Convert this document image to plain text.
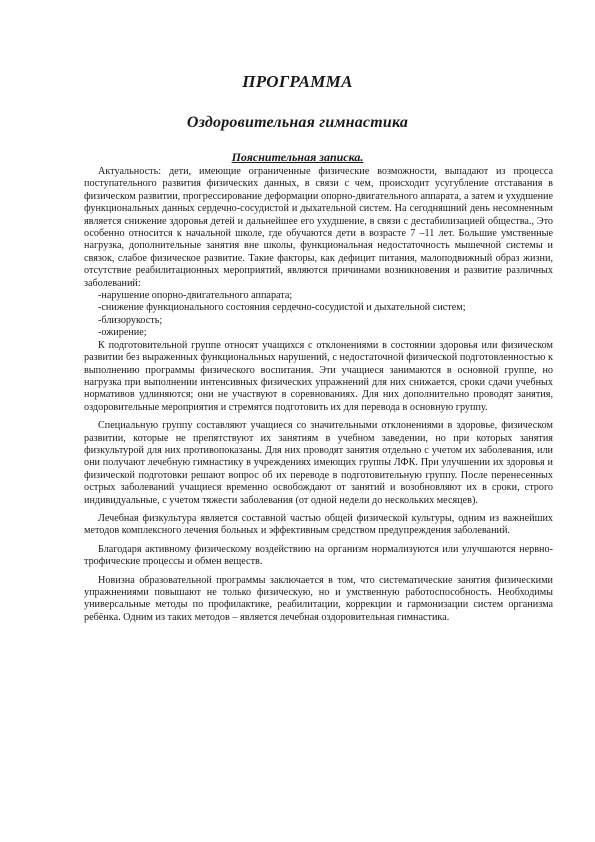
ПРОГРАММА
Оздоровительная гимнастика
Пояснительная записка.

Актуальность: дети, имеющие ограниченные физические возможности, выпадают из процесса поступательного развития физических данных, в связи с чем, происходит усугубление отставания в физическом развитии, прогрессирование деформации опорно-двигательного аппарата, а затем и ухудшение функциональных данных сердечно-сосудистой и дыхательной систем. На сегодняшний день несомненным является снижение здоровья детей и дальнейшее его ухудшение, в связи с дестабилизацией общества., Это особенно относится к начальной школе, где обучаются дети в возрасте 7 –11 лет. Большие умственные нагрузка, дополнительные занятия вне школы, функциональная недостаточность мышечной системы и связок, слабое физическое развитие. Такие факторы, как дефицит питания, малоподвижный образ жизни, отсутствие реабилитационных мероприятий, являются причинами возникновения и развитие различных заболеваний:

-нарушение опорно-двигательного аппарата;
-снижение функционального состояния сердечно-сосудистой и дыхательной систем;
-близорукость;
-ожирение;

К подготовительной группе относят учащихся с отклонениями в состоянии здоровья или физическом развитии без выраженных функциональных нарушений, с недостаточной физической подготовленностью к выполнению программы физического воспитания. Эти учащиеся занимаются в основной группе, но нагрузка при выполнении интенсивных физических упражнений для них снижается, сроки сдачи учебных нормативов удлиняются; они не участвуют в соревнованиях. Для них дополнительно проводят занятия, оздоровительные мероприятия и стремятся подготовить их для перевода в основную группу.

Специальную группу составляют учащиеся со значительными отклонениями в здоровье, физическом развитии, которые не препятствуют их занятиям в учебном заведении, но при которых занятия физкультурой для них противопоказаны. Для них проводят занятия отдельно с учетом их заболевания, или они получают лечебную гимнастику в учреждениях имеющих группы ЛФК. При улучшении их здоровья и физической подготовки решают вопрос об их переводе в подготовительную группу. После перенесенных острых заболеваний учащиеся временно освобождают от занятий и возобновляют их в сроки, строго индивидуальные, с учетом тяжести заболевания (от одной недели до нескольких месяцев).

Лечебная физкультура является составной частью общей физической культуры, одним из важнейших методов комплексного лечения больных и эффективным средством предупреждения заболеваний.

Благодаря активному физическому воздействию на организм нормализуются или улучшаются нервно-трофические процессы и обмен веществ.

Новизна образовательной программы заключается в том, что систематические занятия физическими упражнениями повышают не только физическую, но и умственную работоспособность. Необходимы универсальные методы по профилактике, реабилитации, коррекции и гармонизации систем организма ребёнка. Одним из таких методов – является лечебная оздоровительная гимнастика.
